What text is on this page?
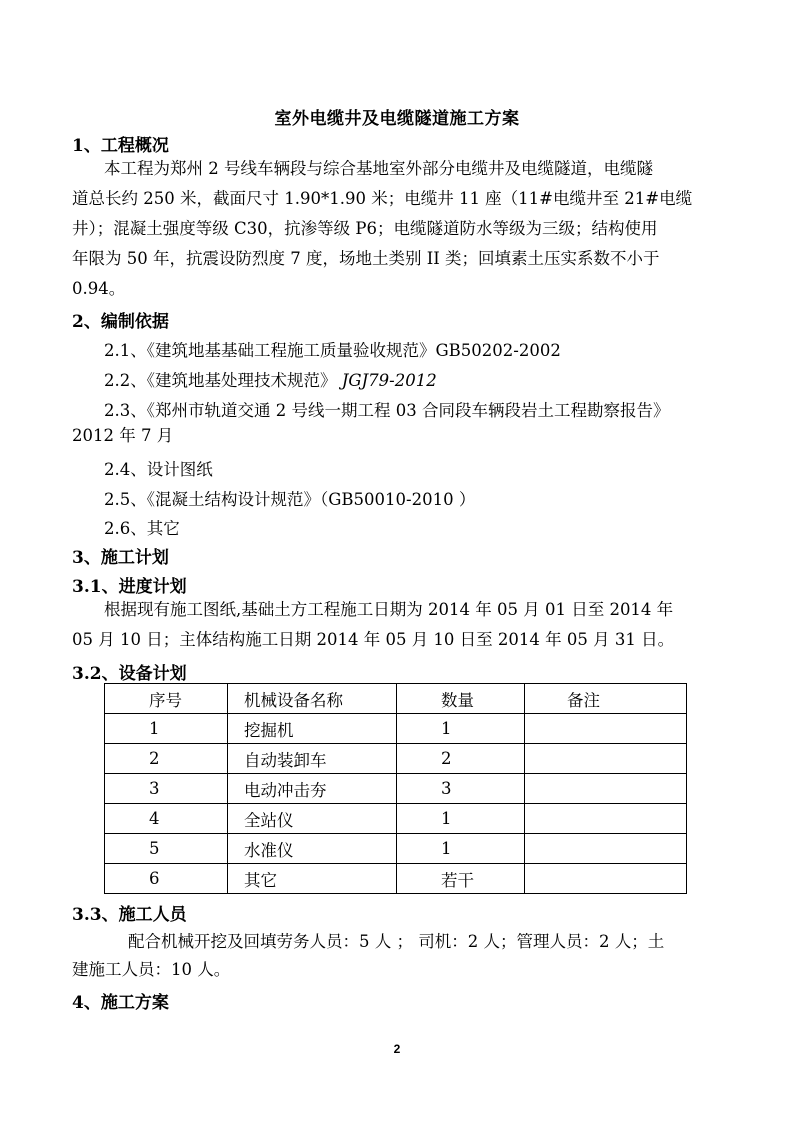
室外电缆井及电缆隧道施工方案
1、工程概况
本工程为郑州 2 号线车辆段与综合基地室外部分电缆井及电缆隧道，电缆隧
道总长约 250 米，截面尺寸 1.90*1.90 米；电缆井 11 座（11#电缆井至 21#电缆
井）；混凝土强度等级 C30，抗渗等级 P6；电缆隧道防水等级为三级；结构使用
年限为 50 年，抗震设防烈度 7 度，场地土类别 II 类；回填素土压实系数不小于
0.94。
2、编制依据
2.1、《建筑地基基础工程施工质量验收规范》GB50202-2002
2.2、《建筑地基处理技术规范》 JGJ79-2012
2.3、《郑州市轨道交通 2 号线一期工程 03 合同段车辆段岩土工程勘察报告》
2012 年 7 月
2.4、设计图纸
2.5、《混凝土结构设计规范》（GB50010-2010 ）
2.6、其它
3、施工计划
3.1、进度计划
根据现有施工图纸,基础土方工程施工日期为 2014 年 05 月 01 日至 2014 年
05 月 10 日；主体结构施工日期 2014 年 05 月 10 日至 2014 年 05 月 31 日。
3.2、设备计划
序号	机械设备名称	数量	备注
1	挖掘机	1	
2	自动装卸车	2	
3	电动冲击夯	3	
4	全站仪	1	
5	水准仪	1	
6	其它	若干	
3.3、施工人员
配合机械开挖及回填劳务人员：5 人 ； 司机：2 人；管理人员：2 人；土
建施工人员：10 人。
4、施工方案
2
